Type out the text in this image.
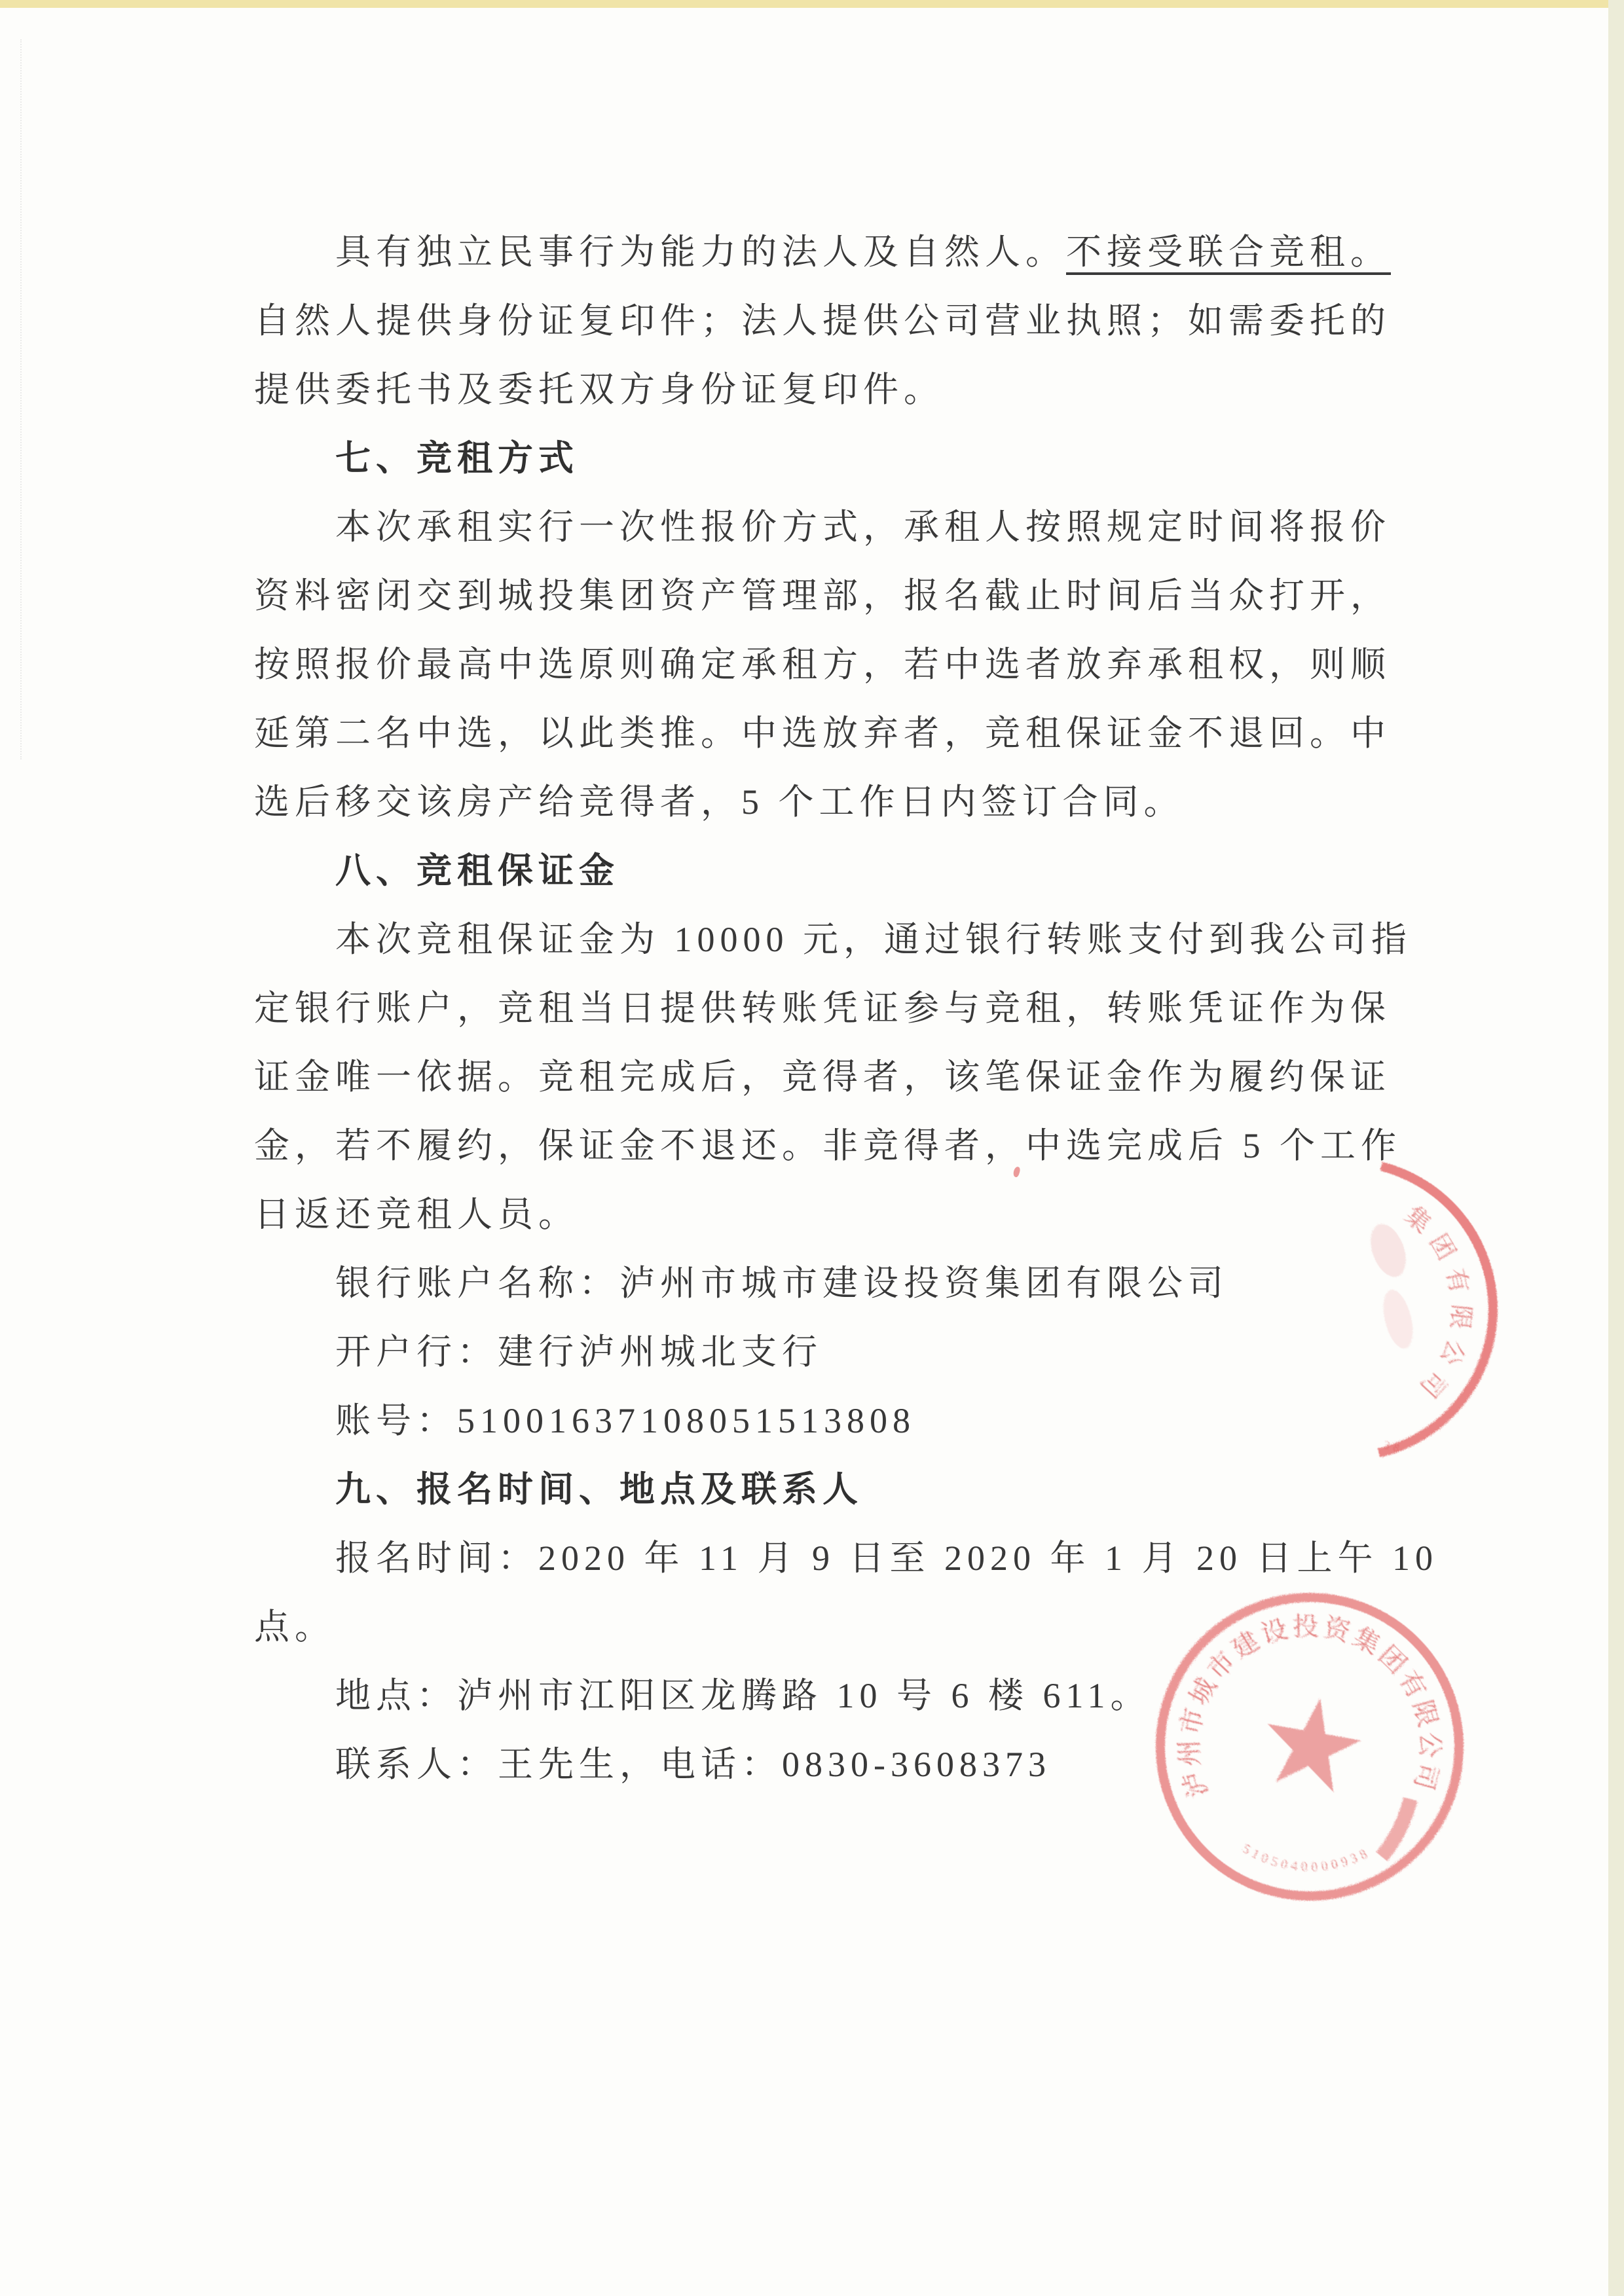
具有独立民事行为能力的法人及自然人。不接受联合竞租。
自然人提供身份证复印件；法人提供公司营业执照；如需委托的
提供委托书及委托双方身份证复印件。
七、竞租方式
本次承租实行一次性报价方式，承租人按照规定时间将报价
资料密闭交到城投集团资产管理部，报名截止时间后当众打开，
按照报价最高中选原则确定承租方，若中选者放弃承租权，则顺
延第二名中选，以此类推。中选放弃者，竞租保证金不退回。中
选后移交该房产给竞得者，5 个工作日内签订合同。
八、竞租保证金
本次竞租保证金为 10000 元，通过银行转账支付到我公司指
定银行账户，竞租当日提供转账凭证参与竞租，转账凭证作为保
证金唯一依据。竞租完成后，竞得者，该笔保证金作为履约保证
金，若不履约，保证金不退还。非竞得者，中选完成后 5 个工作
日返还竞租人员。
银行账户名称：泸州市城市建设投资集团有限公司
开户行：建行泸州城北支行
账号：51001637108051513808
九、报名时间、地点及联系人
报名时间：2020 年 11 月 9 日至 2020 年 1 月 20 日上午 10
点。
地点：泸州市江阳区龙腾路 10 号 6 楼 611。
联系人：王先生，电话：0830-3608373
集团有限公司
38
泸州市城市建设投资集团有限公司
5105040000938
